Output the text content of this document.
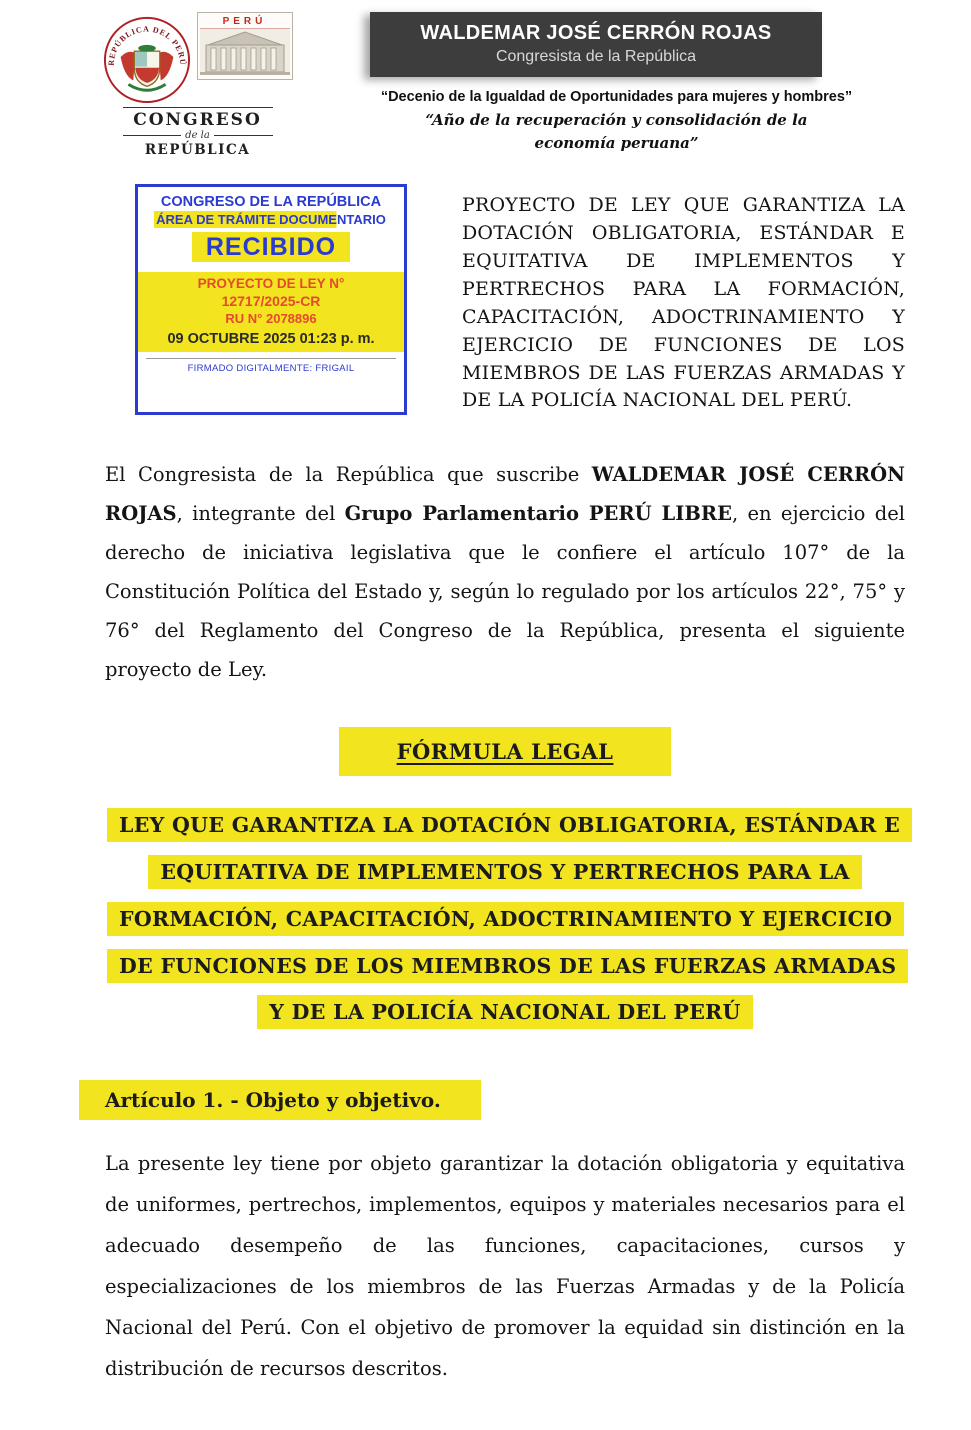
REPÚBLICA DEL PERÚ
PERÚ
CONGRESO
de la
REPÚBLICA
WALDEMAR JOSÉ CERRÓN ROJAS
Congresista de la República
“Decenio de la Igualdad de Oportunidades para mujeres y hombres”
“Año de la recuperación y consolidación de la economía peruana”
CONGRESO DE LA REPÚBLICA
ÁREA DE TRÁMITE DOCUMENTARIO
RECIBIDO
PROYECTO DE LEY N°
12717/2025-CR
RU N° 2078896
09 OCTUBRE 2025 01:23 p. m.
FIRMADO DIGITALMENTE: FRIGAIL

PROYECTO DE LEY QUE GARANTIZA LA DOTACIÓN OBLIGATORIA, ESTÁNDAR E EQUITATIVA DE IMPLEMENTOS Y PERTRECHOS PARA LA FORMACIÓN, CAPACITACIÓN, ADOCTRINAMIENTO Y EJERCICIO DE FUNCIONES DE LOS MIEMBROS DE LAS FUERZAS ARMADAS Y DE LA POLICÍA NACIONAL DEL PERÚ.

El Congresista de la República que suscribe WALDEMAR JOSÉ CERRÓN ROJAS, integrante del Grupo Parlamentario PERÚ LIBRE, en ejercicio del derecho de iniciativa legislativa que le confiere el artículo 107° de la Constitución Política del Estado y, según lo regulado por los artículos 22°, 75° y 76° del Reglamento del Congreso de la República, presenta el siguiente proyecto de Ley.

FÓRMULA LEGAL
LEY QUE GARANTIZA LA DOTACIÓN OBLIGATORIA, ESTÁNDAR E EQUITATIVA DE IMPLEMENTOS Y PERTRECHOS PARA LA FORMACIÓN, CAPACITACIÓN, ADOCTRINAMIENTO Y EJERCICIO DE FUNCIONES DE LOS MIEMBROS DE LAS FUERZAS ARMADAS Y DE LA POLICÍA NACIONAL DEL PERÚ
Artículo 1. - Objeto y objetivo.

La presente ley tiene por objeto garantizar la dotación obligatoria y equitativa de uniformes, pertrechos, implementos, equipos y materiales necesarios para el adecuado desempeño de las funciones, capacitaciones, cursos y especializaciones de los miembros de las Fuerzas Armadas y de la Policía Nacional del Perú. Con el objetivo de promover la equidad sin distinción en la distribución de recursos descritos.
